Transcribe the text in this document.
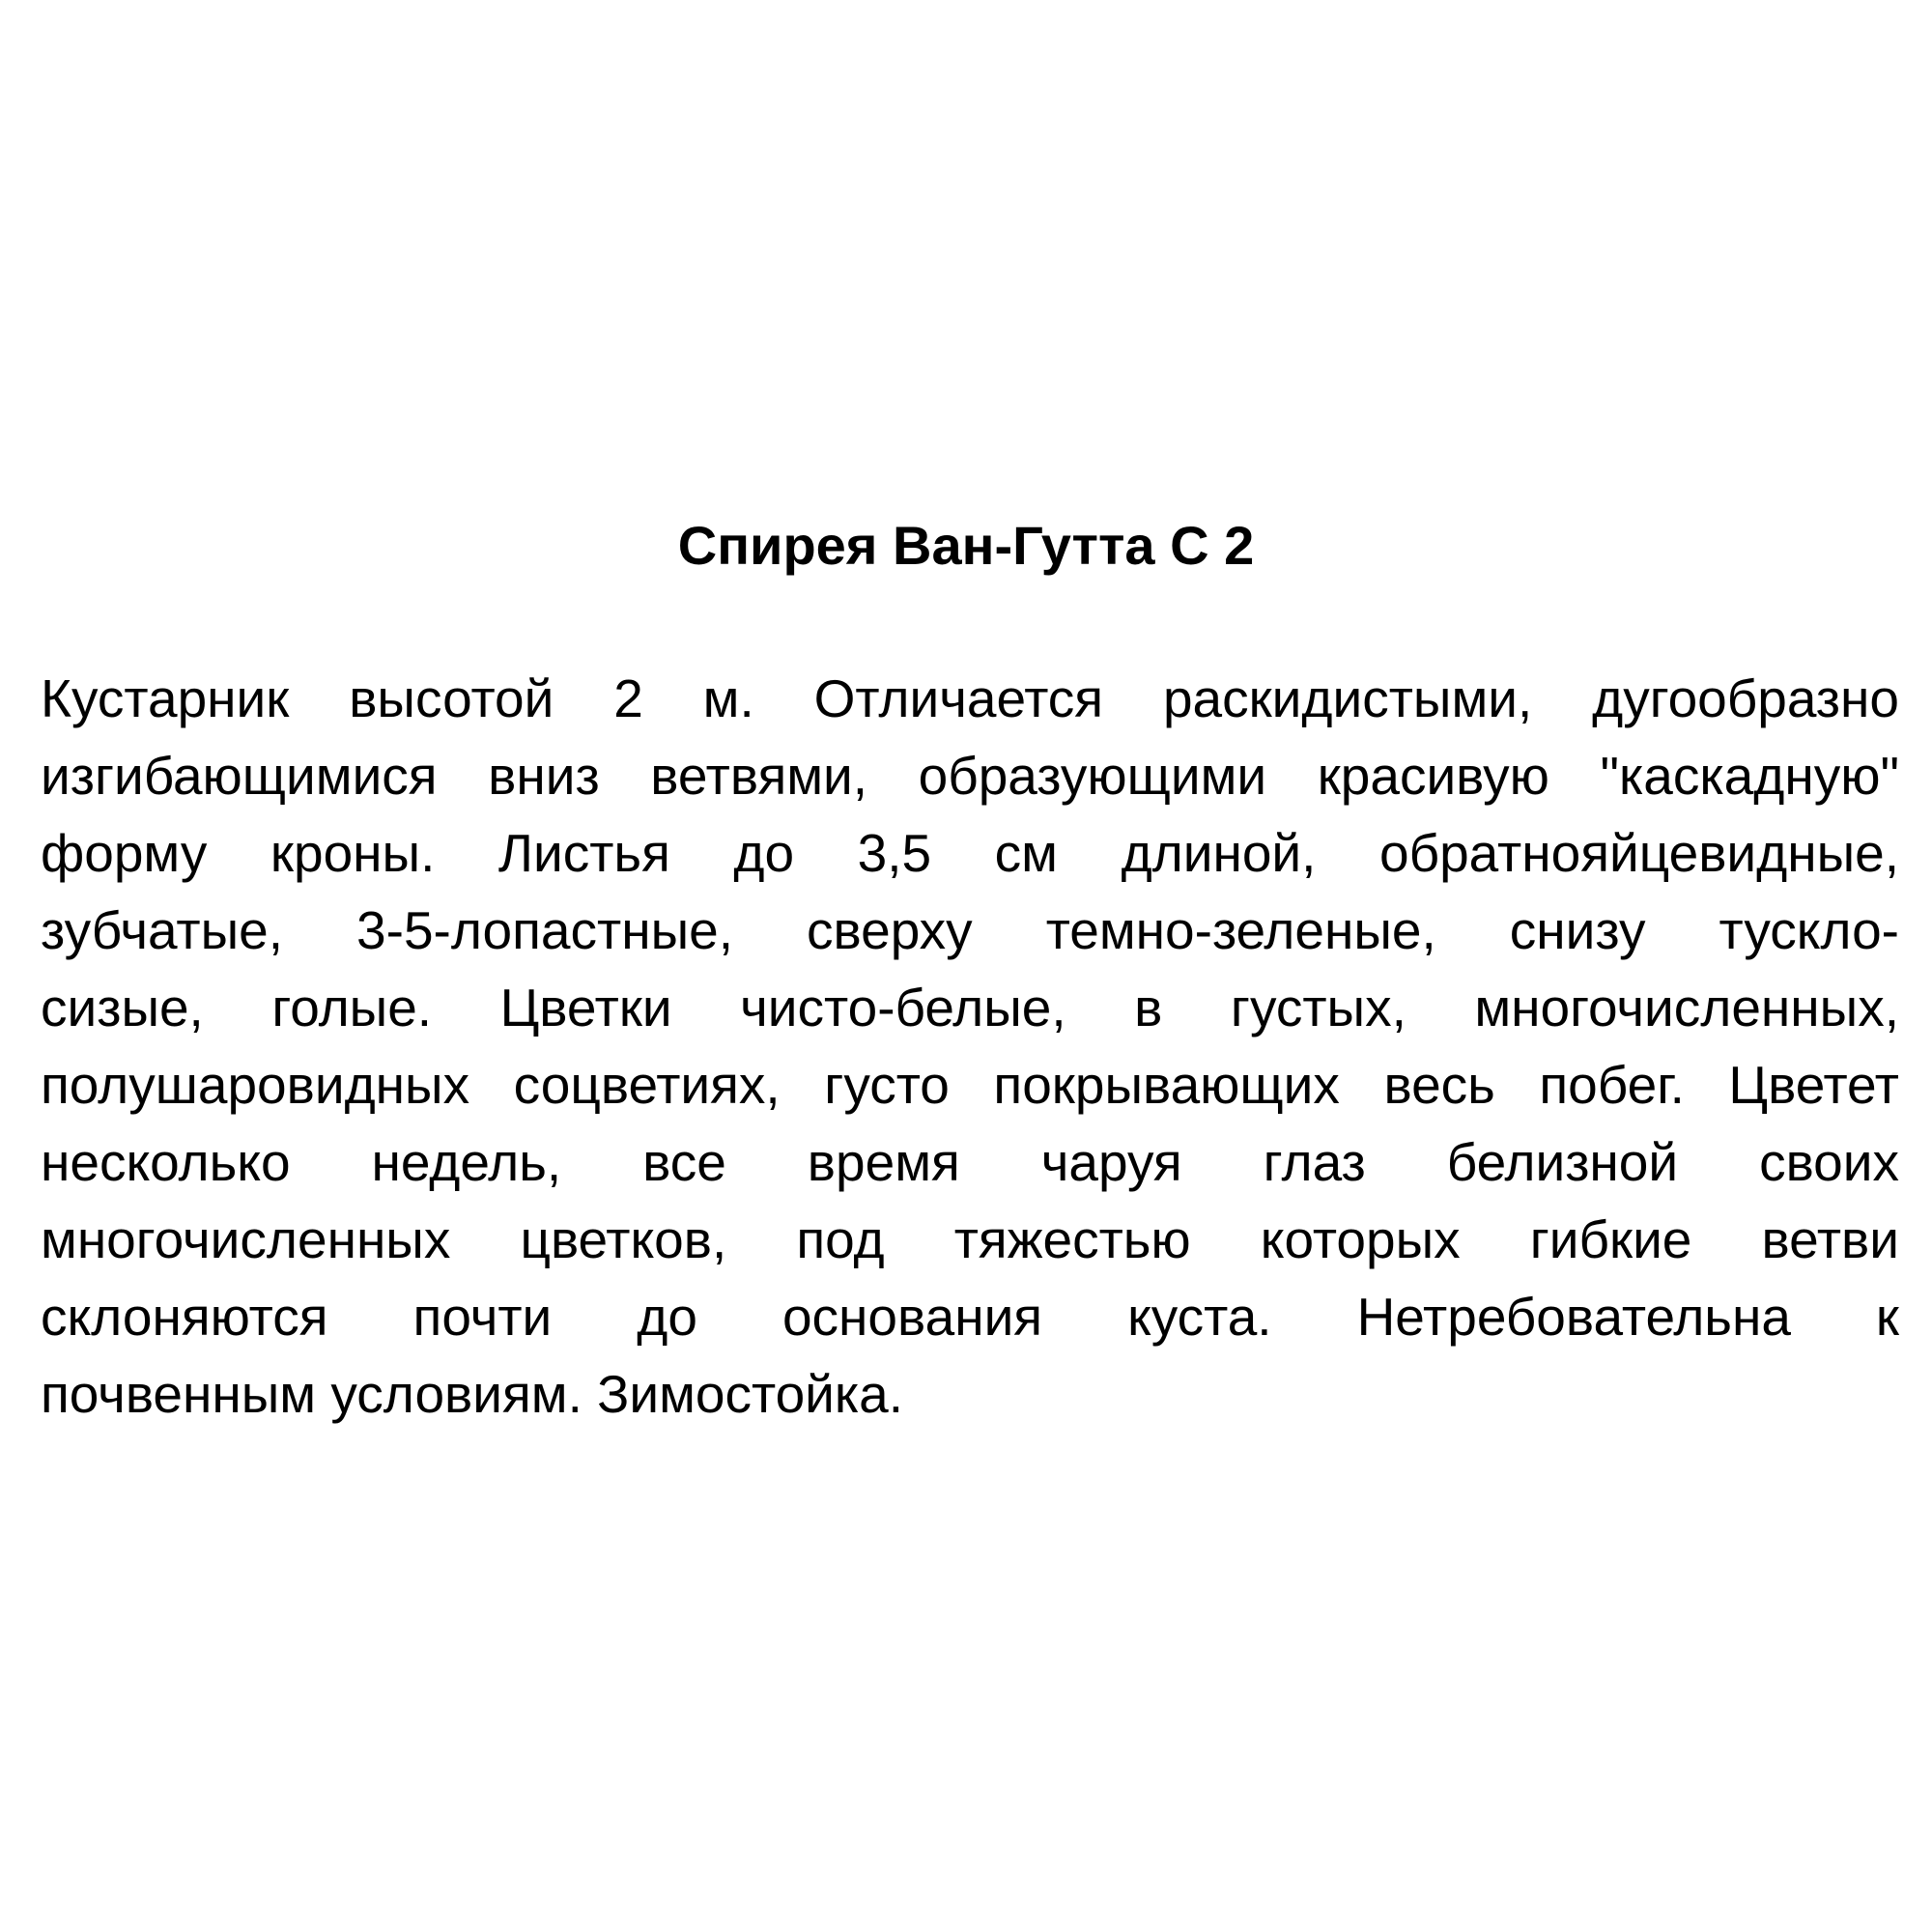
Спирея Ван-Гутта С 2
Кустарник высотой 2 м. Отличается раскидистыми, дугообразно
изгибающимися вниз ветвями, образующими красивую "каскадную"
форму кроны. Листья до 3,5 см длиной, обратнояйцевидные,
зубчатые, 3-5-лопастные, сверху темно-зеленые, снизу тускло-
сизые, голые. Цветки чисто-белые, в густых, многочисленных,
полушаровидных соцветиях, густо покрывающих весь побег. Цветет
несколько недель, все время чаруя глаз белизной своих
многочисленных цветков, под тяжестью которых гибкие ветви
склоняются почти до основания куста. Нетребовательна к
почвенным условиям. Зимостойка.
